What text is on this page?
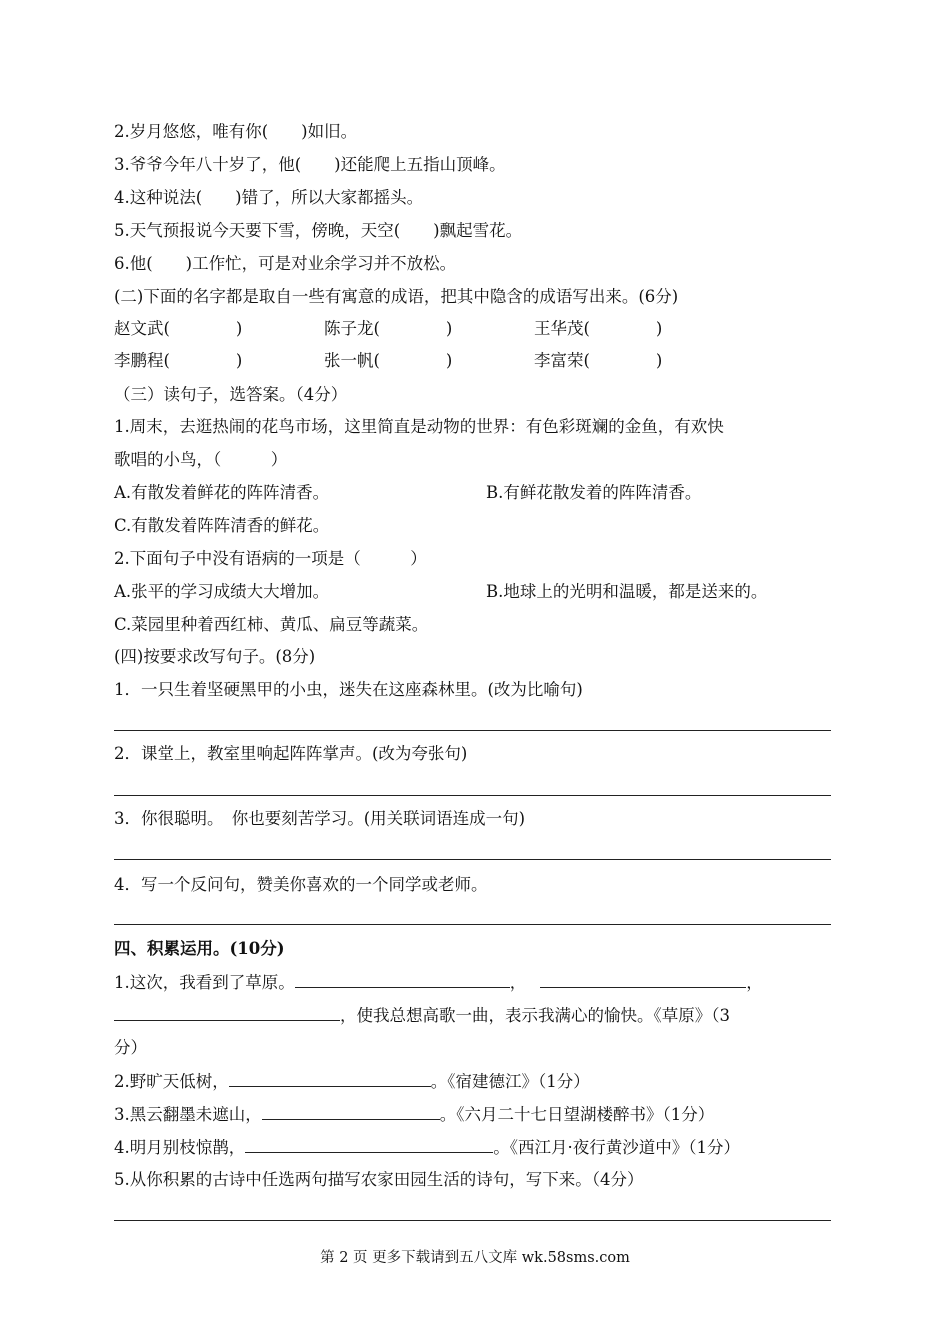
2.岁月悠悠，唯有你(　　)如旧。
3.爷爷今年八十岁了，他(　　)还能爬上五指山顶峰。
4.这种说法(　　)错了，所以大家都摇头。
5.天气预报说今天要下雪，傍晚，天空(　　)飘起雪花。
6.他(　　)工作忙，可是对业余学习并不放松。
(二)下面的名字都是取自一些有寓意的成语，把其中隐含的成语写出来。(6分)
赵文武(　　　　)	陈子龙(　　　　)	王华茂(　　　　)
李鹏程(　　　　)	张一帆(　　　　)	李富荣(　　　　)
（三）读句子，选答案。（4分）
1.周末，去逛热闹的花鸟市场，这里简直是动物的世界：有色彩斑斓的金鱼，有欢快
歌唱的小鸟，（　　　）
A.有散发着鲜花的阵阵清香。	B.有鲜花散发着的阵阵清香。
C.有散发着阵阵清香的鲜花。
2.下面句子中没有语病的一项是（　　　）
A.张平的学习成绩大大增加。	B.地球上的光明和温暖，都是送来的。
C.菜园里种着西红柿、黄瓜、扁豆等蔬菜。
(四)按要求改写句子。(8分)
1．一只生着坚硬黑甲的小虫，迷失在这座森林里。(改为比喻句)
2．课堂上，教室里响起阵阵掌声。(改为夸张句)
3．你很聪明。　你也要刻苦学习。(用关联词语连成一句)
4．写一个反问句，赞美你喜欢的一个同学或老师。
四、积累运用。(10分)
1.这次，我看到了草原。	，	，
，使我总想高歌一曲，表示我满心的愉快。《草原》（3
分）
2.野旷天低树，	。《宿建德江》（1分）
3.黑云翻墨未遮山，	。《六月二十七日望湖楼醉书》（1分）
4.明月别枝惊鹊，	。《西江月·夜行黄沙道中》（1分）
5.从你积累的古诗中任选两句描写农家田园生活的诗句，写下来。（4分）
第 2 页 更多下载请到五八文库 wk.58sms.com
